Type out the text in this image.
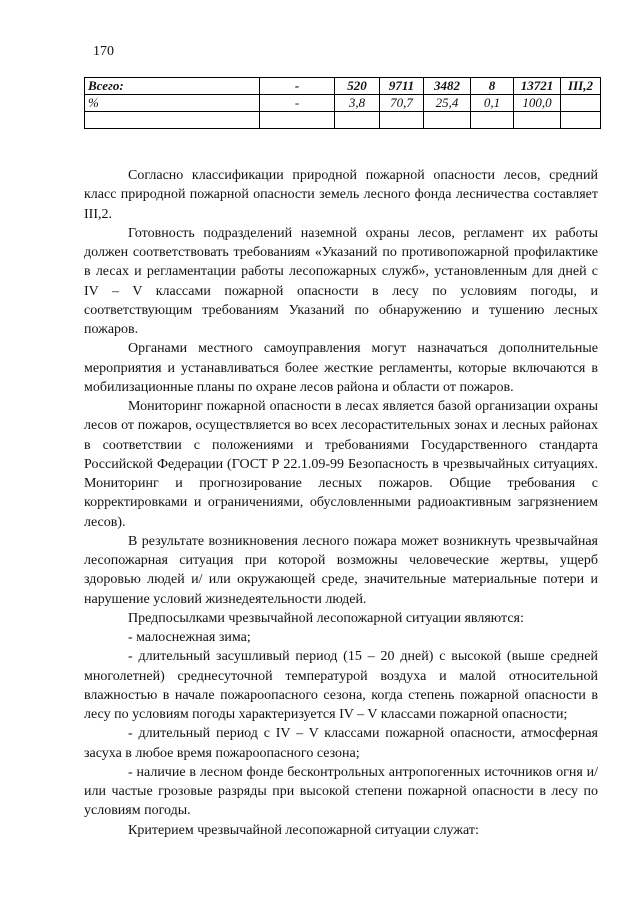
170
Всего:	-	520	9711	3482	8	13721	III,2
%	-	3,8	70,7	25,4	0,1	100,0	

Согласно классификации природной пожарной опасности лесов, средний класс природной пожарной опасности земель лесного фонда лесничества составляет III,2.

Готовность подразделений наземной охраны лесов, регламент их работы должен соответствовать требованиям «Указаний по противопожарной профилактике в лесах и регламентации работы лесопожарных служб», установленным для дней с IV – V классами пожарной опасности в лесу по условиям погоды, и соответствующим требованиям Указаний по обнаружению и тушению лесных пожаров.

Органами местного самоуправления могут назначаться дополнительные мероприятия и устанавливаться более жесткие регламенты, которые включаются в мобилизационные планы по охране лесов района и области от пожаров.

Мониторинг пожарной опасности в лесах является базой организации охраны лесов от пожаров, осуществляется во всех лесорастительных зонах и лесных районах в соответствии с положениями и требованиями Государственного стандарта Российской Федерации (ГОСТ Р 22.1.09-99 Безопасность в чрезвычайных ситуациях. Мониторинг и прогнозирование лесных пожаров. Общие требования с корректировками и ограничениями, обусловленными радиоактивным загрязнением лесов).

В результате возникновения лесного пожара может возникнуть чрезвычайная лесопожарная ситуация при которой возможны человеческие жертвы, ущерб здоровью людей и/ или окружающей среде, значительные материальные потери и нарушение условий жизнедеятельности людей.

Предпосылками чрезвычайной лесопожарной ситуации являются:

- малоснежная зима;

- длительный засушливый период (15 – 20 дней) с высокой (выше средней многолетней) среднесуточной температурой воздуха и малой относительной влажностью в начале пожароопасного сезона, когда степень пожарной опасности в лесу по условиям погоды характеризуется IV – V классами пожарной опасности;

- длительный период с IV – V классами пожарной опасности, атмосферная засуха в любое время пожароопасного сезона;

- наличие в лесном фонде бесконтрольных антропогенных источников огня и/или частые грозовые разряды при высокой степени пожарной опасности в лесу по условиям погоды.

Критерием чрезвычайной лесопожарной ситуации служат:
